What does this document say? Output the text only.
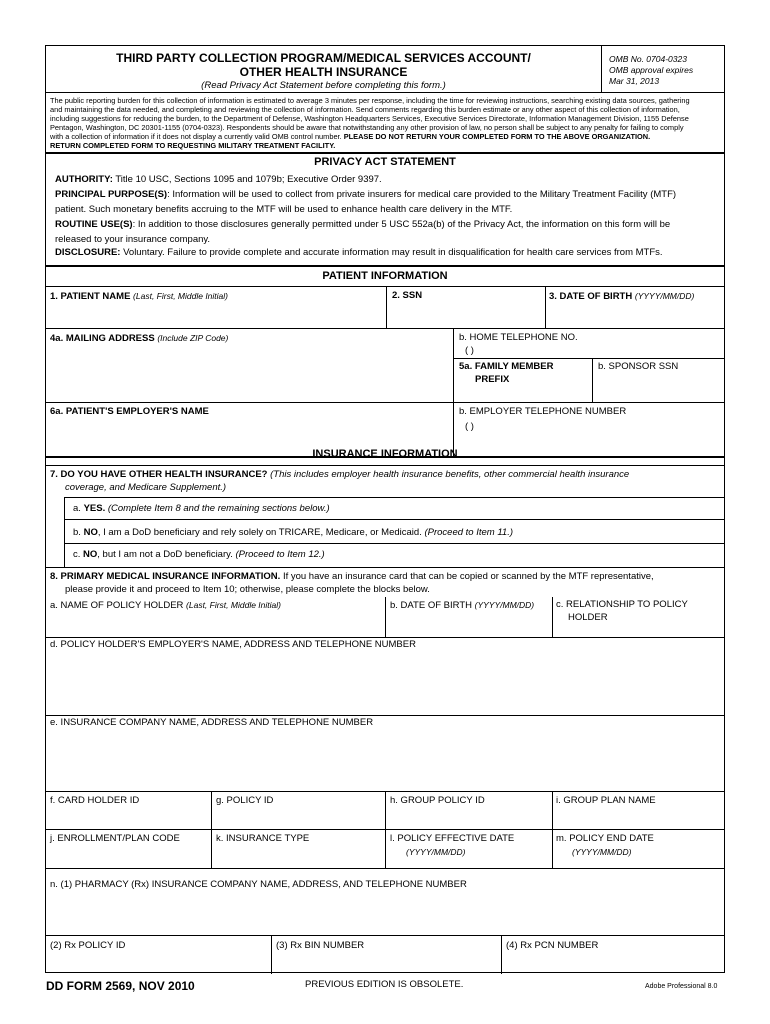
THIRD PARTY COLLECTION PROGRAM/MEDICAL SERVICES ACCOUNT/
OTHER HEALTH INSURANCE
(Read Privacy Act Statement before completing this form.)
OMB No. 0704-0323
OMB approval expires
Mar 31, 2013
The public reporting burden for this collection of information is estimated to average 3 minutes per response, including the time for reviewing instructions, searching existing data sources, gathering
and maintaining the data needed, and completing and reviewing the collection of information. Send comments regarding this burden estimate or any other aspect of this collection of information,
including suggestions for reducing the burden, to the Department of Defense, Washington Headquarters Services, Executive Services Directorate, Information Management Division, 1155 Defense
Pentagon, Washington, DC 20301-1155 (0704-0323). Respondents should be aware that notwithstanding any other provision of law, no person shall be subject to any penalty for failing to comply
with a collection of information if it does not display a currently valid OMB control number. PLEASE DO NOT RETURN YOUR COMPLETED FORM TO THE ABOVE ORGANIZATION.
RETURN COMPLETED FORM TO REQUESTING MILITARY TREATMENT FACILITY.
PRIVACY ACT STATEMENT
AUTHORITY: Title 10 USC, Sections 1095 and 1079b; Executive Order 9397.
PRINCIPAL PURPOSE(S): Information will be used to collect from private insurers for medical care provided to the Military Treatment Facility (MTF)
patient. Such monetary benefits accruing to the MTF will be used to enhance health care delivery in the MTF.
ROUTINE USE(S): In addition to those disclosures generally permitted under 5 USC 552a(b) of the Privacy Act, the information on this form will be
released to your insurance company.
DISCLOSURE: Voluntary. Failure to provide complete and accurate information may result in disqualification for health care services from MTFs.
PATIENT INFORMATION
1. PATIENT NAME (Last, First, Middle Initial)	2. SSN	3. DATE OF BIRTH (YYYY/MM/DD)
4a. MAILING ADDRESS (Include ZIP Code)	b. HOME TELEPHONE NO.
( )
5a. FAMILY MEMBER
PREFIX
b. SPONSOR SSN
6a. PATIENT'S EMPLOYER'S NAME	b. EMPLOYER TELEPHONE NUMBER
( )
INSURANCE INFORMATION
7. DO YOU HAVE OTHER HEALTH INSURANCE? (This includes employer health insurance benefits, other commercial health insurance
coverage, and Medicare Supplement.)
a. YES. (Complete Item 8 and the remaining sections below.)
b. NO, I am a DoD beneficiary and rely solely on TRICARE, Medicare, or Medicaid. (Proceed to Item 11.)
c. NO, but I am not a DoD beneficiary. (Proceed to Item 12.)
8. PRIMARY MEDICAL INSURANCE INFORMATION. If you have an insurance card that can be copied or scanned by the MTF representative,
please provide it and proceed to Item 10; otherwise, please complete the blocks below.
a. NAME OF POLICY HOLDER (Last, First, Middle Initial)	b. DATE OF BIRTH (YYYY/MM/DD) c. RELATIONSHIP TO POLICY
HOLDER
d. POLICY HOLDER'S EMPLOYER'S NAME, ADDRESS AND TELEPHONE NUMBER
e. INSURANCE COMPANY NAME, ADDRESS AND TELEPHONE NUMBER
f. CARD HOLDER ID	g. POLICY ID	h. GROUP POLICY ID	i. GROUP PLAN NAME
j. ENROLLMENT/PLAN CODE	k. INSURANCE TYPE	l. POLICY EFFECTIVE DATE
(YYYY/MM/DD)
m. POLICY END DATE
(YYYY/MM/DD)
n. (1) PHARMACY (Rx) INSURANCE COMPANY NAME, ADDRESS, AND TELEPHONE NUMBER
(2) Rx POLICY ID	(3) Rx BIN NUMBER	(4) Rx PCN NUMBER
DD FORM 2569, NOV 2010	PREVIOUS EDITION IS OBSOLETE.	Adobe Professional 8.0
